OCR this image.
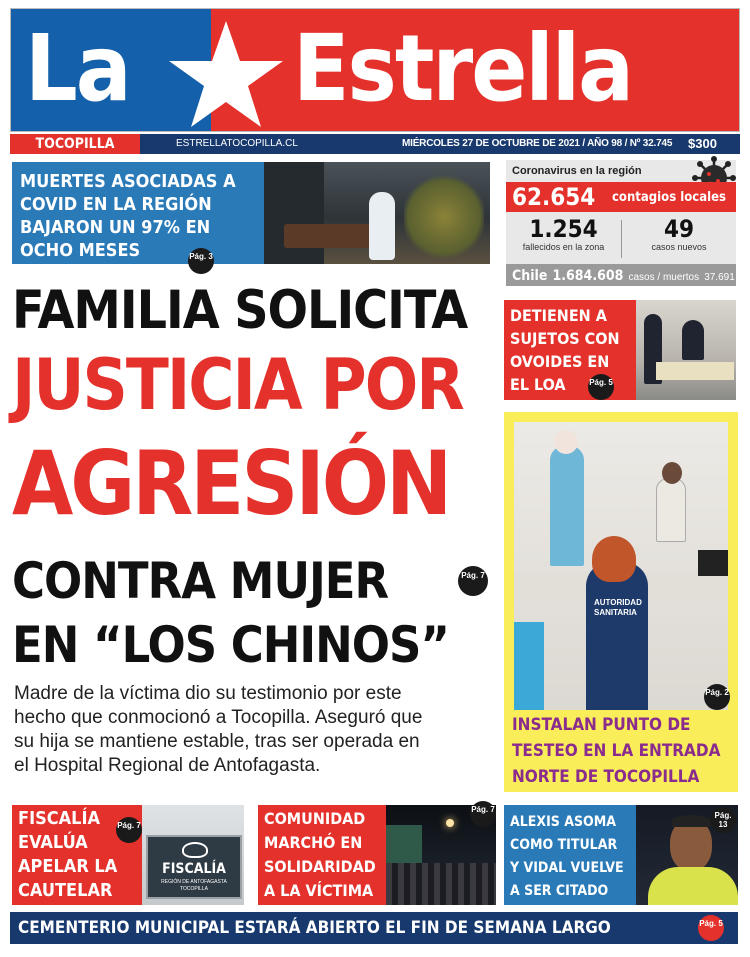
La Estrella
TOCOPILLA	ESTRELLATOCOPILLA.CL	MIÉRCOLES 27 DE OCTUBRE DE 2021 / AÑO 98 / Nº 32.745 $300
MUERTES ASOCIADAS A
COVID EN LA REGIÓN
BAJARON UN 97% EN
OCHO MESES	Pág. 3
Coronavirus en la región
62.654 contagios locales
1.254
fallecidos en la zona
49
casos nuevos
Chile 1.684.608 casos / muertos 37.691
FAMILIA SOLICITA
JUSTICIA POR
AGRESIÓN
CONTRA MUJER
EN “LOS CHINOS”
Pág. 7
Madre de la víctima dio su testimonio por este
hecho que conmocionó a Tocopilla. Aseguró que
su hija se mantiene estable, tras ser operada en
el Hospital Regional de Antofagasta.
DETIENEN A
SUJETOS CON
OVOIDES EN
EL LOA	Pág. 5
AUTORIDAD SANITARIA
Pág. 2
INSTALAN PUNTO DE
TESTEO EN LA ENTRADA
NORTE DE TOCOPILLA
FISCALÍA
EVALÚA
APELAR LA
CAUTELAR
FISCALÍA
REGIÓN DE ANTOFAGASTA
TOCOPILLA
Pág. 7	COMUNIDAD
MARCHÓ EN
SOLIDARIDAD
A LA VÍCTIMA
Pág. 7
ALEXIS ASOMA
COMO TITULAR
Y VIDAL VUELVE
A SER CITADO
Pág. 13
CEMENTERIO MUNICIPAL ESTARÁ ABIERTO EL FIN DE SEMANA LARGO	Pág. 5
